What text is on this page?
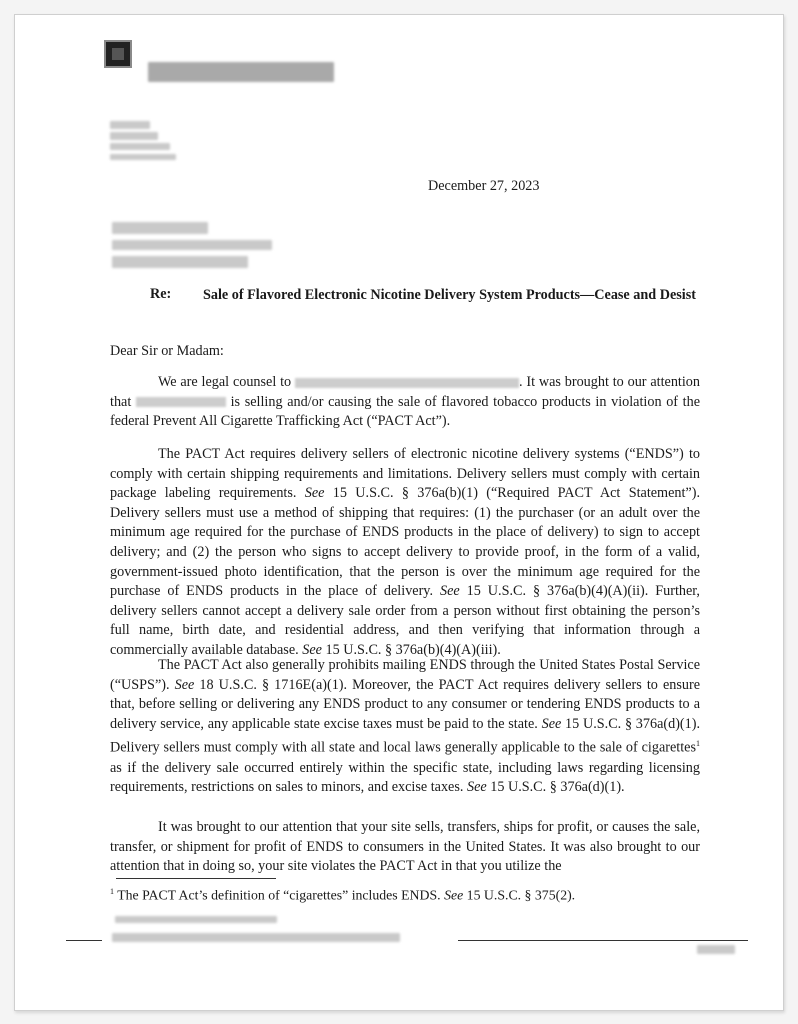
December 27, 2023
Re: Sale of Flavored Electronic Nicotine Delivery System Products—Cease and Desist
Dear Sir or Madam:
We are legal counsel to	. It was brought to our attention that	is selling and/or causing the sale of flavored tobacco products in violation of the federal Prevent All Cigarette Trafficking Act (“PACT Act”).
The PACT Act requires delivery sellers of electronic nicotine delivery systems (“ENDS”) to comply with certain shipping requirements and limitations. Delivery sellers must comply with certain package labeling requirements. See 15 U.S.C. § 376a(b)(1) (“Required PACT Act Statement”). Delivery sellers must use a method of shipping that requires: (1) the purchaser (or an adult over the minimum age required for the purchase of ENDS products in the place of delivery) to sign to accept delivery; and (2) the person who signs to accept delivery to provide proof, in the form of a valid, government-issued photo identification, that the person is over the minimum age required for the purchase of ENDS products in the place of delivery. See 15 U.S.C. § 376a(b)(4)(A)(ii). Further, delivery sellers cannot accept a delivery sale order from a person without first obtaining the person’s full name, birth date, and residential address, and then verifying that information through a commercially available database. See 15 U.S.C. § 376a(b)(4)(A)(iii).
The PACT Act also generally prohibits mailing ENDS through the United States Postal Service (“USPS”). See 18 U.S.C. § 1716E(a)(1). Moreover, the PACT Act requires delivery sellers to ensure that, before selling or delivering any ENDS product to any consumer or tendering ENDS products to a delivery service, any applicable state excise taxes must be paid to the state. See 15 U.S.C. § 376a(d)(1). Delivery sellers must comply with all state and local laws generally applicable to the sale of cigarettes$^1$ as if the delivery sale occurred entirely within the specific state, including laws regarding licensing requirements, restrictions on sales to minors, and excise taxes. See 15 U.S.C. § 376a(d)(1).
It was brought to our attention that your site sells, transfers, ships for profit, or causes the sale, transfer, or shipment for profit of ENDS to consumers in the United States. It was also brought to our attention that in doing so, your site violates the PACT Act in that you utilize the
$^1$ The PACT Act’s definition of “cigarettes” includes ENDS. See 15 U.S.C. § 375(2).
